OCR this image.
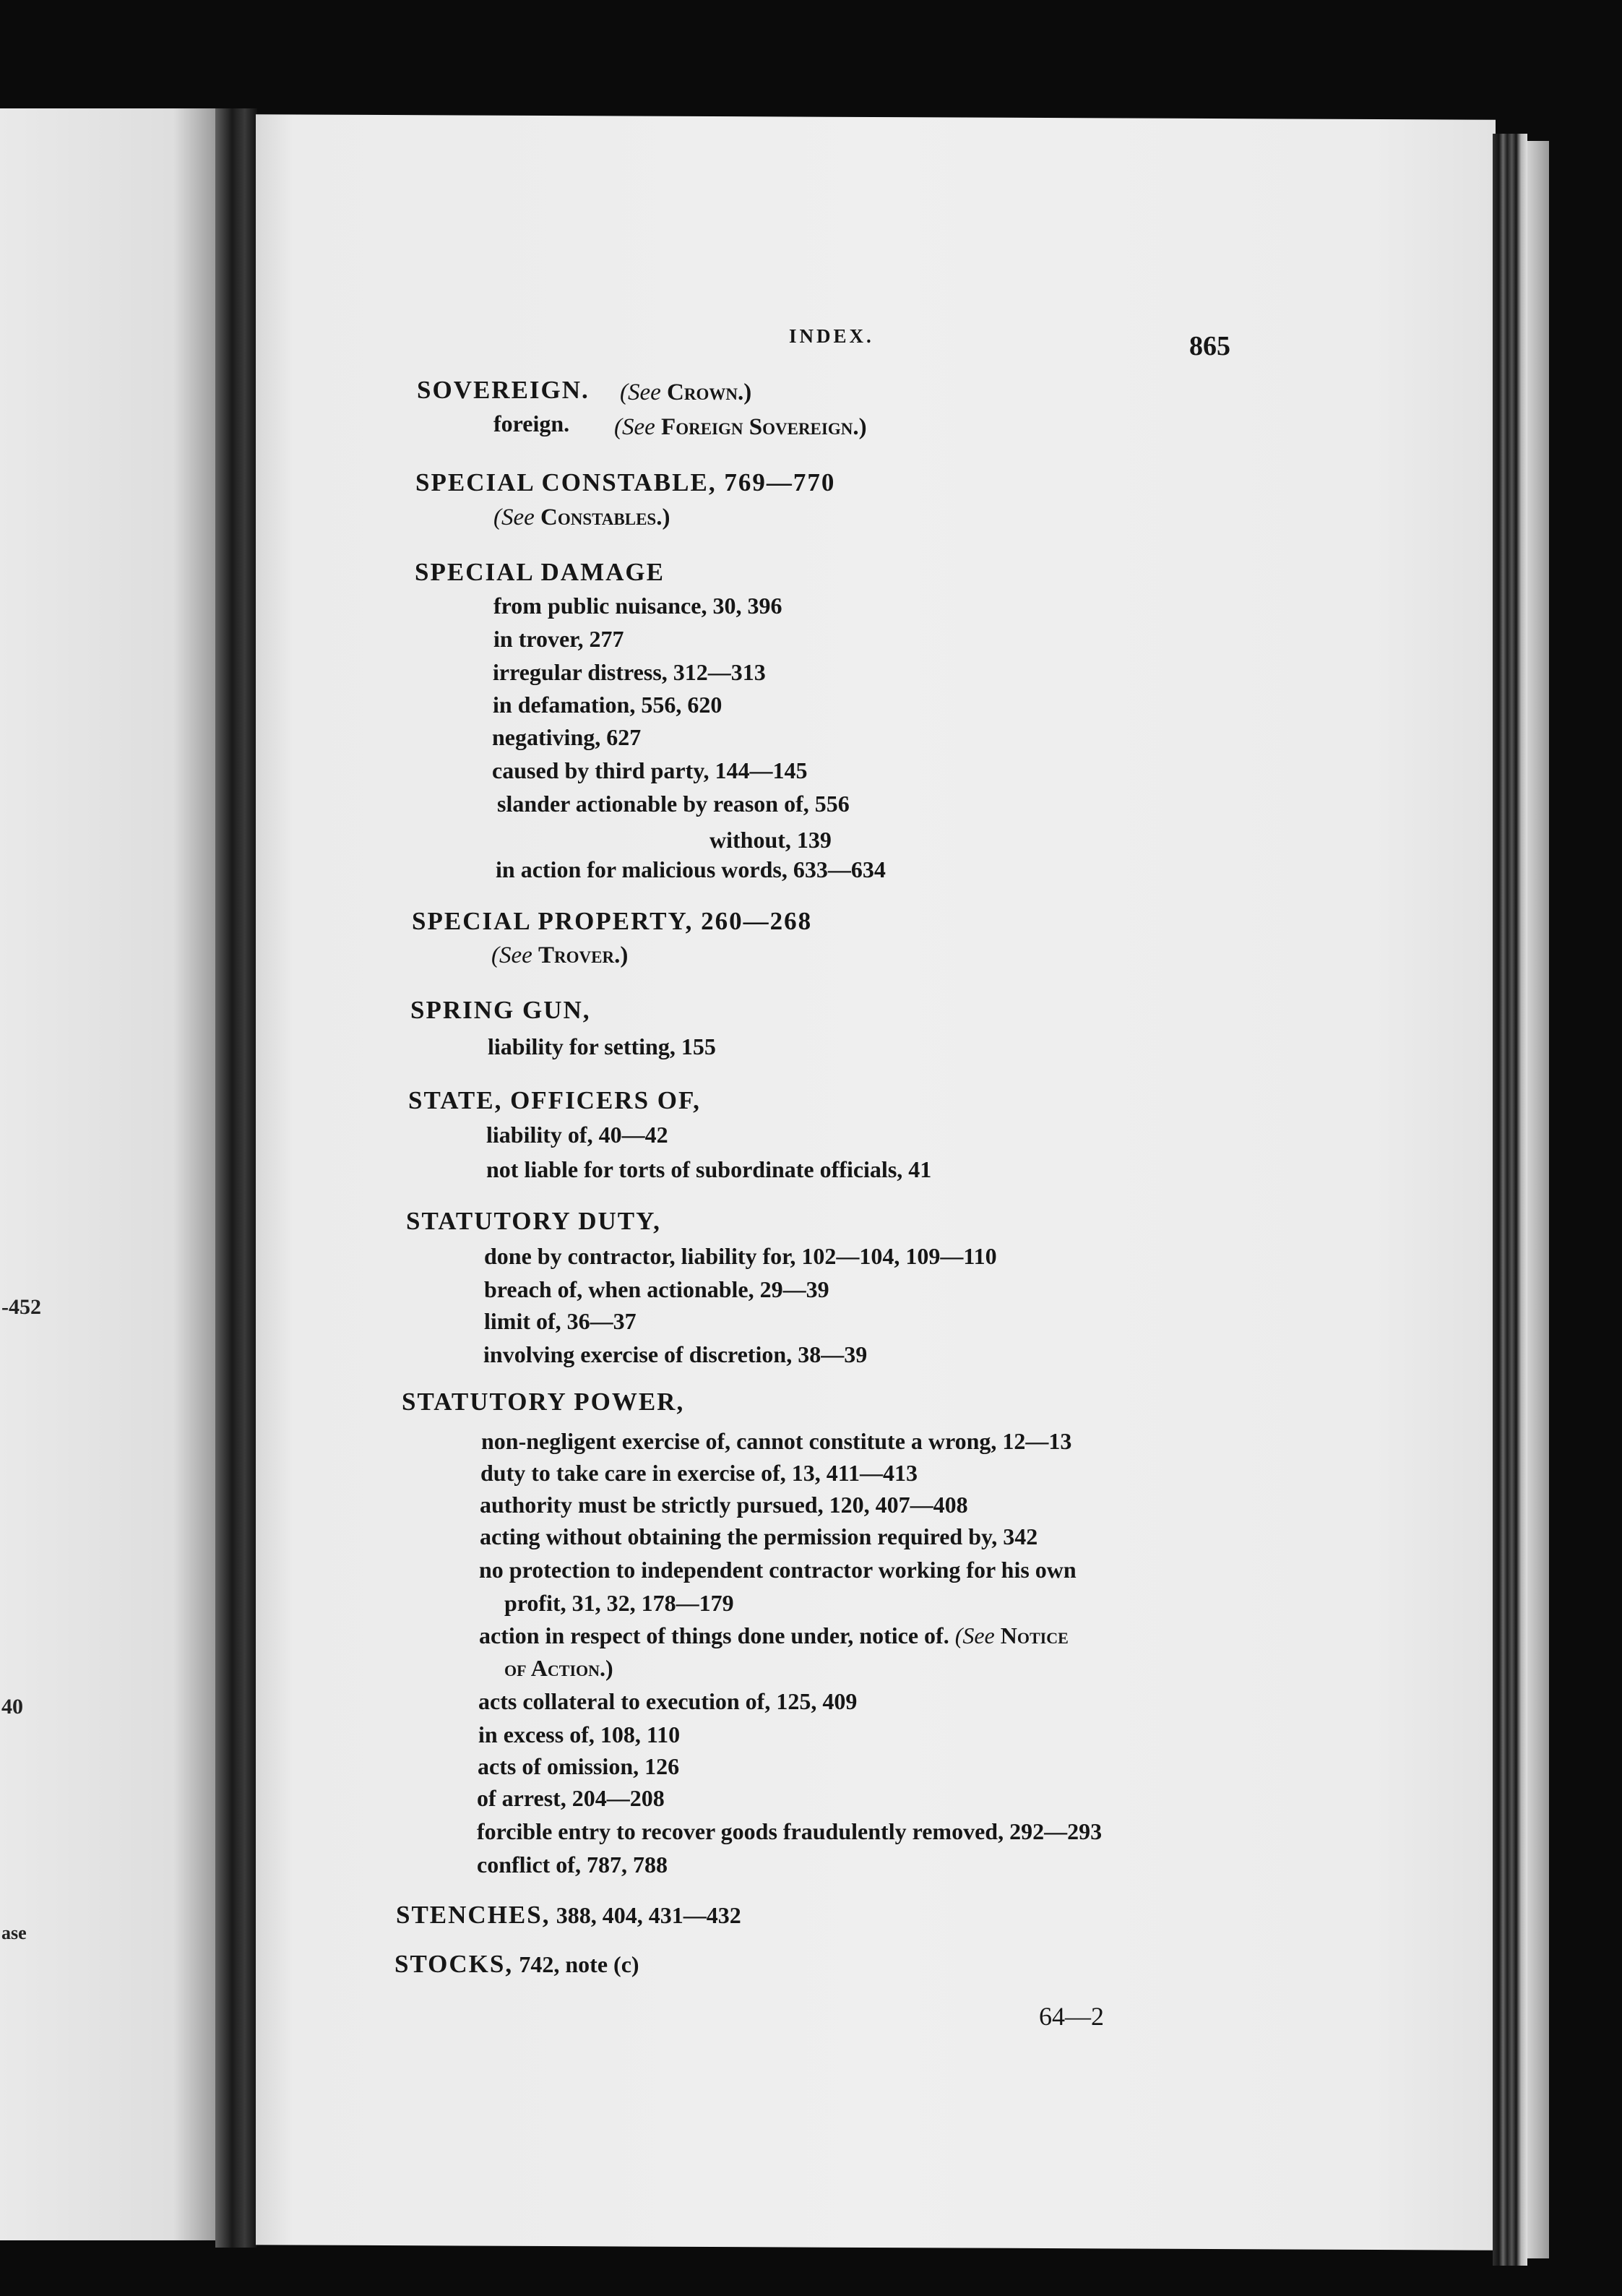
-452
40
ase
INDEX.	865
SOVEREIGN. (See Crown.)
foreign. (See Foreign Sovereign.)
SPECIAL CONSTABLE, 769—770
(See Constables.)
SPECIAL DAMAGE
from public nuisance, 30, 396
in trover, 277
irregular distress, 312—313
in defamation, 556, 620
negativing, 627
caused by third party, 144—145
slander actionable by reason of, 556
without, 139
in action for malicious words, 633—634
SPECIAL PROPERTY, 260—268
(See Trover.)
SPRING GUN,
liability for setting, 155
STATE, OFFICERS OF,
liability of, 40—42
not liable for torts of subordinate officials, 41
STATUTORY DUTY,
done by contractor, liability for, 102—104, 109—110
breach of, when actionable, 29—39
limit of, 36—37
involving exercise of discretion, 38—39
STATUTORY POWER,
non-negligent exercise of, cannot constitute a wrong, 12—13
duty to take care in exercise of, 13, 411—413
authority must be strictly pursued, 120, 407—408
acting without obtaining the permission required by, 342
no protection to independent contractor working for his own
profit, 31, 32, 178—179
action in respect of things done under, notice of. (See Notice
of Action.)
acts collateral to execution of, 125, 409
in excess of, 108, 110
acts of omission, 126
of arrest, 204—208
forcible entry to recover goods fraudulently removed, 292—293
conflict of, 787, 788
STENCHES, 388, 404, 431—432
STOCKS, 742, note (c)
64—2
